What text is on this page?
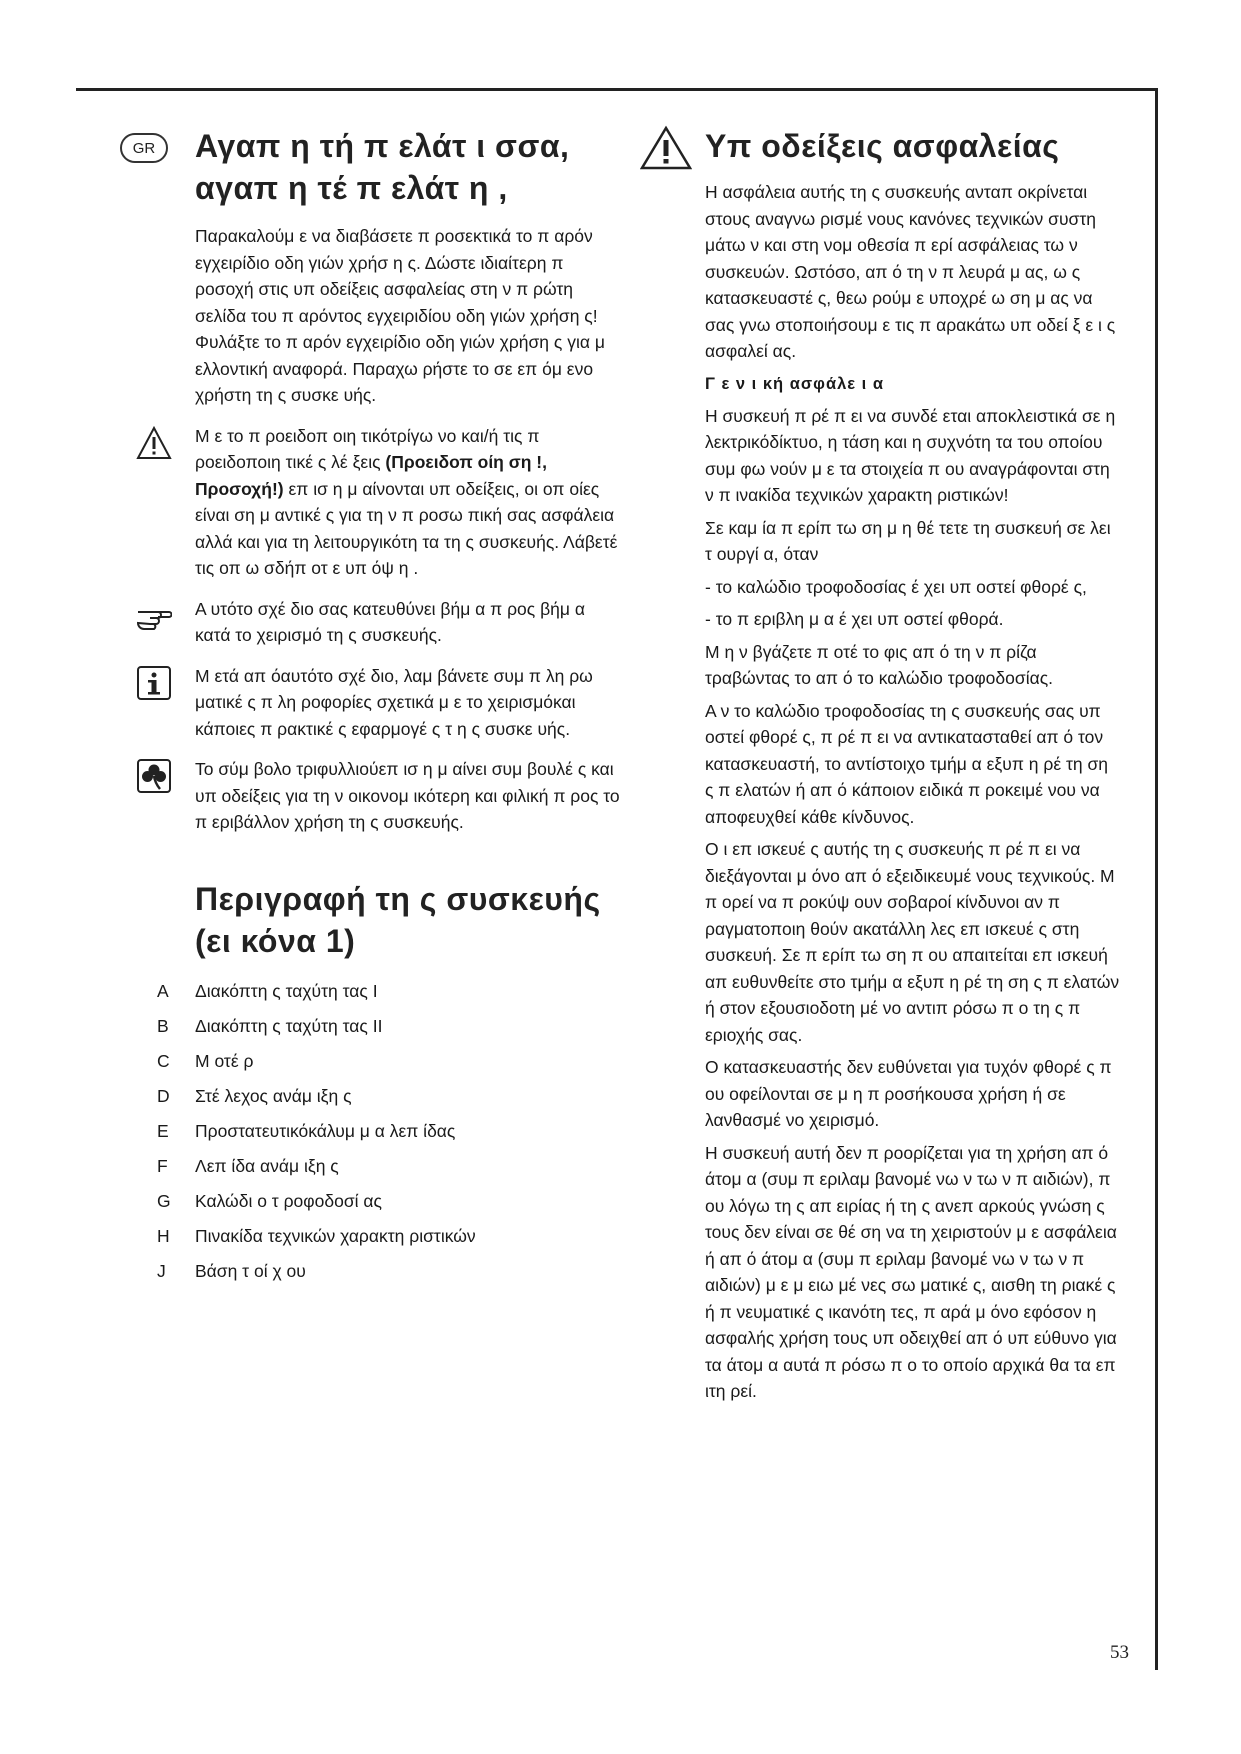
GR	Αγαπ η τή π ελάτ ι σσα,
αγαπ η τέ π ελάτ η ,

Παρακαλούμ ε να διαβάσετε π ροσεκτικά το π αρόν εγχειρίδιο οδη γιών χρήσ η ς. Δώστε ιδιαίτερη π ροσοχή στις υπ οδείξεις ασφαλείας στη ν π ρώτη σελίδα του π αρόντος εγχειριδίου οδη γιών χρήση ς! Φυλάξτε το π αρόν εγχειρίδιο οδη γιών χρήση ς για μ ελλοντική αναφορά. Παραχω ρήστε το σε επ όμ ενο χρήστη τη ς συσκε υής.

Μ ε το π ροειδοπ οιη τικότρίγω νο και/ή τις π ροειδοποιη τικέ ς λέ ξεις (Προειδοπ οίη ση !, Προσοχή!) επ ισ η μ αίνονται υπ οδείξεις, οι οπ οίες είναι ση μ αντικέ ς για τη ν π ροσω πική σας ασφάλεια αλλά και για τη λειτουργικότη τα τη ς συσκευής. Λάβετέ τις οπ ω σδήπ οτ ε υπ όψ η .

Α υτότο σχέ διο σας κατευθύνει βήμ α π ρος βήμ α κατά το χειρισμό τη ς συσκευής.

Μ ετά απ όαυτότο σχέ διο, λαμ βάνετε συμ π λη ρω ματικέ ς π λη ροφορίες σχετικά μ ε το χειρισμόκαι κάποιες π ρακτικέ ς εφαρμογέ ς τ η ς συσκε υής.

Το σύμ βολο τριφυλλιούεπ ισ η μ αίνει συμ βουλέ ς και υπ οδείξεις για τη ν οικονομ ικότερη και φιλική π ρος το π εριβάλλον χρήση τη ς συσκευής.

Περιγραφή τη ς συσκευής
(ει κόνα 1)
A	Διακόπτη ς ταχύτη τας Ι
B	Διακόπτη ς ταχύτη τας ΙΙ
C	Μ οτέ ρ
D	Στέ λεχος ανάμ ιξη ς
E	Προστατευτικόκάλυμ μ α λεπ ίδας
F	Λεπ ίδα ανάμ ιξη ς
G	Καλώδι ο τ ροφοδοσί ας
H	Πινακίδα τεχνικών χαρακτη ριστικών
J	Βάση τ οί χ ου
Υπ οδείξεις ασφαλείας

Η ασφάλεια αυτής τη ς συσκευής ανταπ οκρίνεται στους αναγνω ρισμέ νους κανόνες τεχνικών συστη μάτω ν και στη νομ οθεσία π ερί ασφάλειας τω ν συσκευών. Ωστόσο, απ ό τη ν π λευρά μ ας, ω ς κατασκευαστέ ς, θεω ρούμ ε υποχρέ ω ση μ ας να σας γνω στοποιήσουμ ε τις π αρακάτω υπ οδεί ξ ε ι ς ασφαλεί ας.

Γ ε ν ι κή ασφάλε ι α

Η συσκευή π ρέ π ει να συνδέ εται αποκλειστικά σε η λεκτρικόδίκτυο, η τάση και η συχνότη τα του οποίου συμ φω νούν μ ε τα στοιχεία π ου αναγράφονται στη ν π ινακίδα τεχνικών χαρακτη ριστικών!

Σε καμ ία π ερίπ τω ση μ η θέ τετε τη συσκευή σε λει τ ουργί α, όταν

- το καλώδιο τροφοδοσίας έ χει υπ οστεί φθορέ ς,
- το π εριβλη μ α έ χει υπ οστεί φθορά.

Μ η ν βγάζετε π οτέ το φις απ ό τη ν π ρίζα τραβώντας το απ ό το καλώδιο τροφοδοσίας.

Α ν το καλώδιο τροφοδοσίας τη ς συσκευής σας υπ οστεί φθορέ ς, π ρέ π ει να αντικατασταθεί απ ό τον κατασκευαστή, το αντίστοιχο τμήμ α εξυπ η ρέ τη ση ς π ελατών ή απ ό κάποιον ειδικά π ροκειμέ νου να αποφευχθεί κάθε κίνδυνος.

Ο ι επ ισκευέ ς αυτής τη ς συσκευής π ρέ π ει να διεξάγονται μ όνο απ ό εξειδικευμέ νους τεχνικούς. Μ π ορεί να π ροκύψ ουν σοβαροί κίνδυνοι αν π ραγματοποιη θούν ακατάλλη λες επ ισκευέ ς στη συσκευή. Σε π ερίπ τω ση π ου απαιτείται επ ισκευή απ ευθυνθείτε στο τμήμ α εξυπ η ρέ τη ση ς π ελατών ή στον εξουσιοδοτη μέ νο αντιπ ρόσω π ο τη ς π εριοχής σας.

Ο κατασκευαστής δεν ευθύνεται για τυχόν φθορέ ς π ου οφείλονται σε μ η π ροσήκουσα χρήση ή σε λανθασμέ νο χειρισμό.

Η συσκευή αυτή δεν π ροορίζεται για τη χρήση απ ό άτομ α (συμ π εριλαμ βανομέ νω ν τω ν π αιδιών), π ου λόγω τη ς απ ειρίας ή τη ς ανεπ αρκούς γνώση ς τους δεν είναι σε θέ ση να τη χειριστούν μ ε ασφάλεια ή απ ό άτομ α (συμ π εριλαμ βανομέ νω ν τω ν π αιδιών) μ ε μ ειω μέ νες σω ματικέ ς, αισθη τη ριακέ ς ή π νευματικέ ς ικανότη τες, π αρά μ όνο εφόσον η ασφαλής χρήση τους υπ οδειχθεί απ ό υπ εύθυνο για τα άτομ α αυτά π ρόσω π ο το οποίο αρχικά θα τα επ ιτη ρεί.

53
